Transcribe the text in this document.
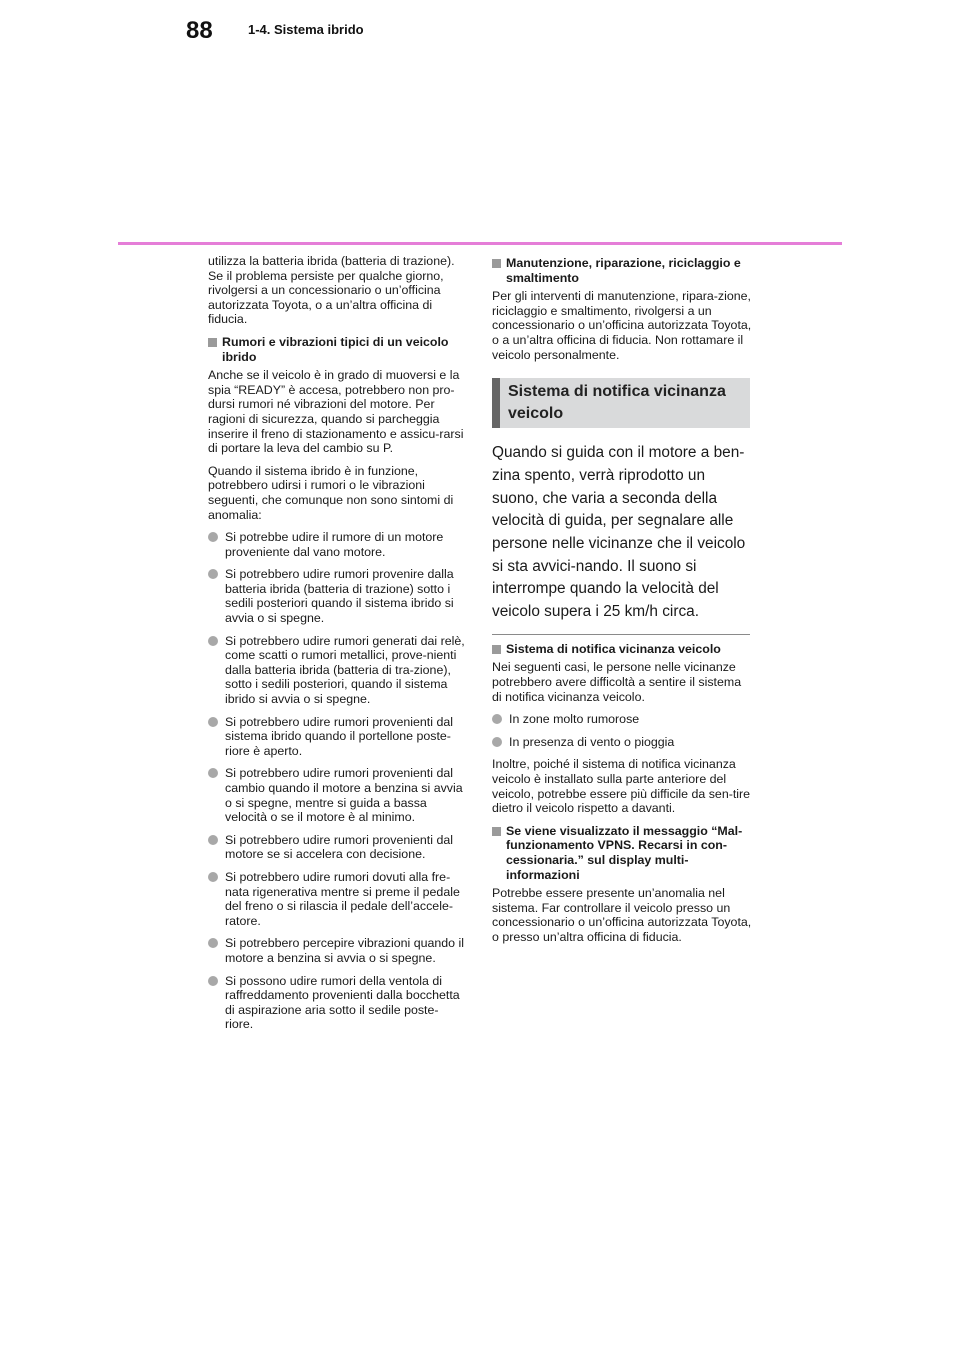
88	1-4. Sistema ibrido

utilizza la batteria ibrida (batteria di trazione). Se il problema persiste per qualche giorno, rivolgersi a un concessionario o un’officina autorizzata Toyota, o a un’altra officina di fiducia.

Rumori e vibrazioni tipici di un veicolo ibrido

Anche se il veicolo è in grado di muoversi e la spia “READY” è accesa, potrebbero non pro-dursi rumori né vibrazioni del motore. Per ragioni di sicurezza, quando si parcheggia inserire il freno di stazionamento e assicu-rarsi di portare la leva del cambio su P.

Quando il sistema ibrido è in funzione, potrebbero udirsi i rumori o le vibrazioni seguenti, che comunque non sono sintomi di anomalia:

Si potrebbe udire il rumore di un motore proveniente dal vano motore.
Si potrebbero udire rumori provenire dalla batteria ibrida (batteria di trazione) sotto i sedili posteriori quando il sistema ibrido si avvia o si spegne.
Si potrebbero udire rumori generati dai relè, come scatti o rumori metallici, prove-nienti dalla batteria ibrida (batteria di tra-zione), sotto i sedili posteriori, quando il sistema ibrido si avvia o si spegne.
Si potrebbero udire rumori provenienti dal sistema ibrido quando il portellone poste-riore è aperto.
Si potrebbero udire rumori provenienti dal cambio quando il motore a benzina si avvia o si spegne, mentre si guida a bassa velocità o se il motore è al minimo.
Si potrebbero udire rumori provenienti dal motore se si accelera con decisione.
Si potrebbero udire rumori dovuti alla fre-nata rigenerativa mentre si preme il pedale del freno o si rilascia il pedale dell’accele-ratore.
Si potrebbero percepire vibrazioni quando il motore a benzina si avvia o si spegne.
Si possono udire rumori della ventola di raffreddamento provenienti dalla bocchetta di aspirazione aria sotto il sedile poste-riore.
Manutenzione, riparazione, riciclaggio e smaltimento

Per gli interventi di manutenzione, ripara-zione, riciclaggio e smaltimento, rivolgersi a un concessionario o un’officina autorizzata Toyota, o a un’altra officina di fiducia. Non rottamare il veicolo personalmente.

Sistema di notifica vicinanza veicolo

Quando si guida con il motore a ben-zina spento, verrà riprodotto un suono, che varia a seconda della velocità di guida, per segnalare alle persone nelle vicinanze che il veicolo si sta avvici-nando. Il suono si interrompe quando la velocità del veicolo supera i 25 km/h circa.

Sistema di notifica vicinanza veicolo

Nei seguenti casi, le persone nelle vicinanze potrebbero avere difficoltà a sentire il sistema di notifica vicinanza veicolo.

In zone molto rumorose
In presenza di vento o pioggia

Inoltre, poiché il sistema di notifica vicinanza veicolo è installato sulla parte anteriore del veicolo, potrebbe essere più difficile da sen-tire dietro il veicolo rispetto a davanti.

Se viene visualizzato il messaggio “Mal-funzionamento VPNS. Recarsi in con-cessionaria.” sul display multi-informazioni

Potrebbe essere presente un’anomalia nel sistema. Far controllare il veicolo presso un concessionario o un’officina autorizzata Toyota, o presso un’altra officina di fiducia.
